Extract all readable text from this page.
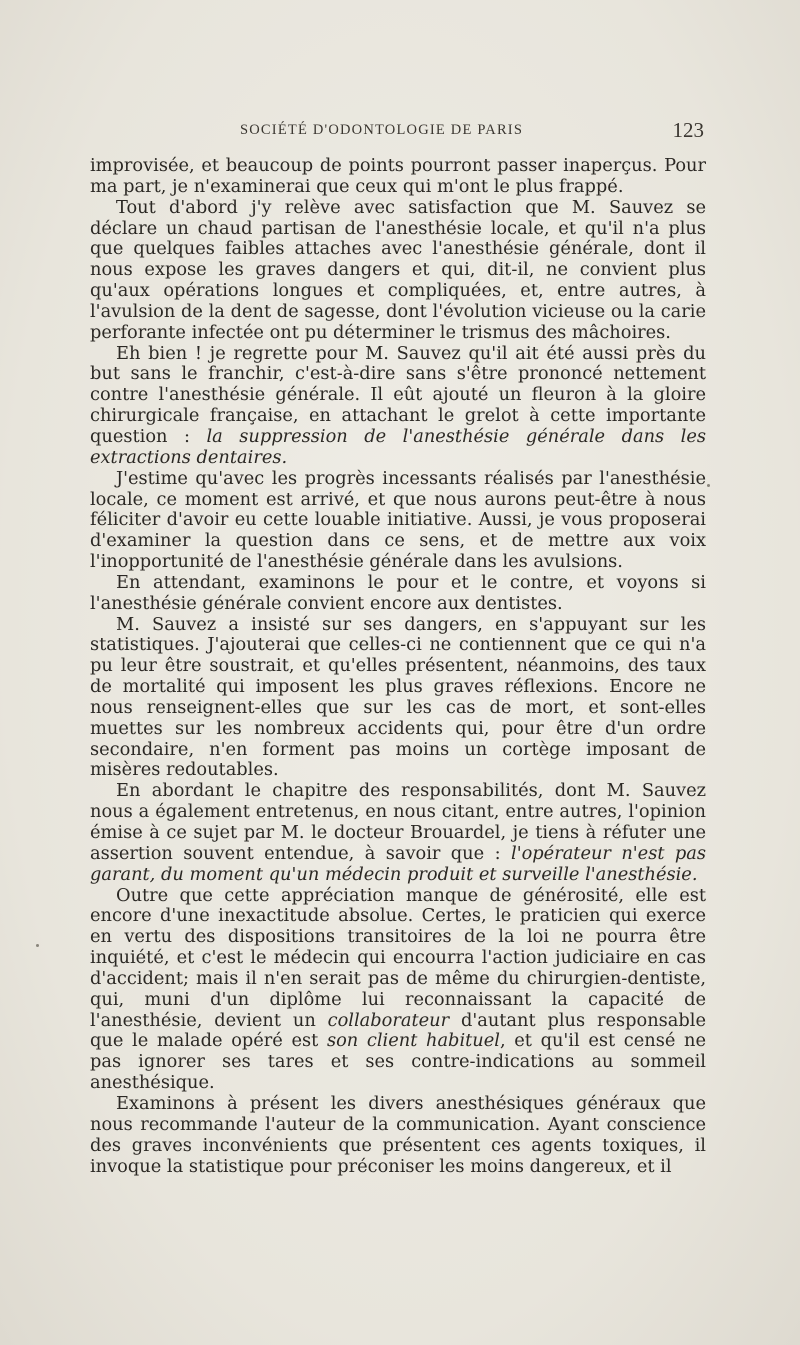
SOCIÉTÉ D'ODONTOLOGIE DE PARIS	123

improvisée, et beaucoup de points pourront passer inaperçus. Pour ma part, je n'examinerai que ceux qui m'ont le plus frappé.

Tout d'abord j'y relève avec satisfaction que M. Sauvez se déclare un chaud partisan de l'anesthésie locale, et qu'il n'a plus que quelques faibles attaches avec l'anesthésie générale, dont il nous expose les graves dangers et qui, dit-il, ne convient plus qu'aux opérations longues et compliquées, et, entre autres, à l'avulsion de la dent de sagesse, dont l'évolution vicieuse ou la carie perforante infectée ont pu déterminer le trismus des mâchoires.

Eh bien ! je regrette pour M. Sauvez qu'il ait été aussi près du but sans le franchir, c'est-à-dire sans s'être prononcé nettement contre l'anesthésie générale. Il eût ajouté un fleuron à la gloire chirurgicale française, en attachant le grelot à cette importante question : la suppression de l'anesthésie générale dans les extractions dentaires.

J'estime qu'avec les progrès incessants réalisés par l'anesthésie locale, ce moment est arrivé, et que nous aurons peut-être à nous féliciter d'avoir eu cette louable initiative. Aussi, je vous proposerai d'examiner la question dans ce sens, et de mettre aux voix l'inopportunité de l'anesthésie générale dans les avulsions.

En attendant, examinons le pour et le contre, et voyons si l'anesthésie générale convient encore aux dentistes.

M. Sauvez a insisté sur ses dangers, en s'appuyant sur les statistiques. J'ajouterai que celles-ci ne contiennent que ce qui n'a pu leur être soustrait, et qu'elles présentent, néanmoins, des taux de mortalité qui imposent les plus graves réflexions. Encore ne nous renseignent-elles que sur les cas de mort, et sont-elles muettes sur les nombreux accidents qui, pour être d'un ordre secondaire, n'en forment pas moins un cortège imposant de misères redoutables.

En abordant le chapitre des responsabilités, dont M. Sauvez nous a également entretenus, en nous citant, entre autres, l'opinion émise à ce sujet par M. le docteur Brouardel, je tiens à réfuter une assertion souvent entendue, à savoir que : l'opérateur n'est pas garant, du moment qu'un médecin produit et surveille l'anesthésie.

Outre que cette appréciation manque de générosité, elle est encore d'une inexactitude absolue. Certes, le praticien qui exerce en vertu des dispositions transitoires de la loi ne pourra être inquiété, et c'est le médecin qui encourra l'action judiciaire en cas d'accident; mais il n'en serait pas de même du chirurgien-dentiste, qui, muni d'un diplôme lui reconnaissant la capacité de l'anesthésie, devient un collaborateur d'autant plus responsable que le malade opéré est son client habituel, et qu'il est censé ne pas ignorer ses tares et ses contre-indications au sommeil anesthésique.

Examinons à présent les divers anesthésiques généraux que nous recommande l'auteur de la communication. Ayant conscience des graves inconvénients que présentent ces agents toxiques, il invoque la statistique pour préconiser les moins dangereux, et il
